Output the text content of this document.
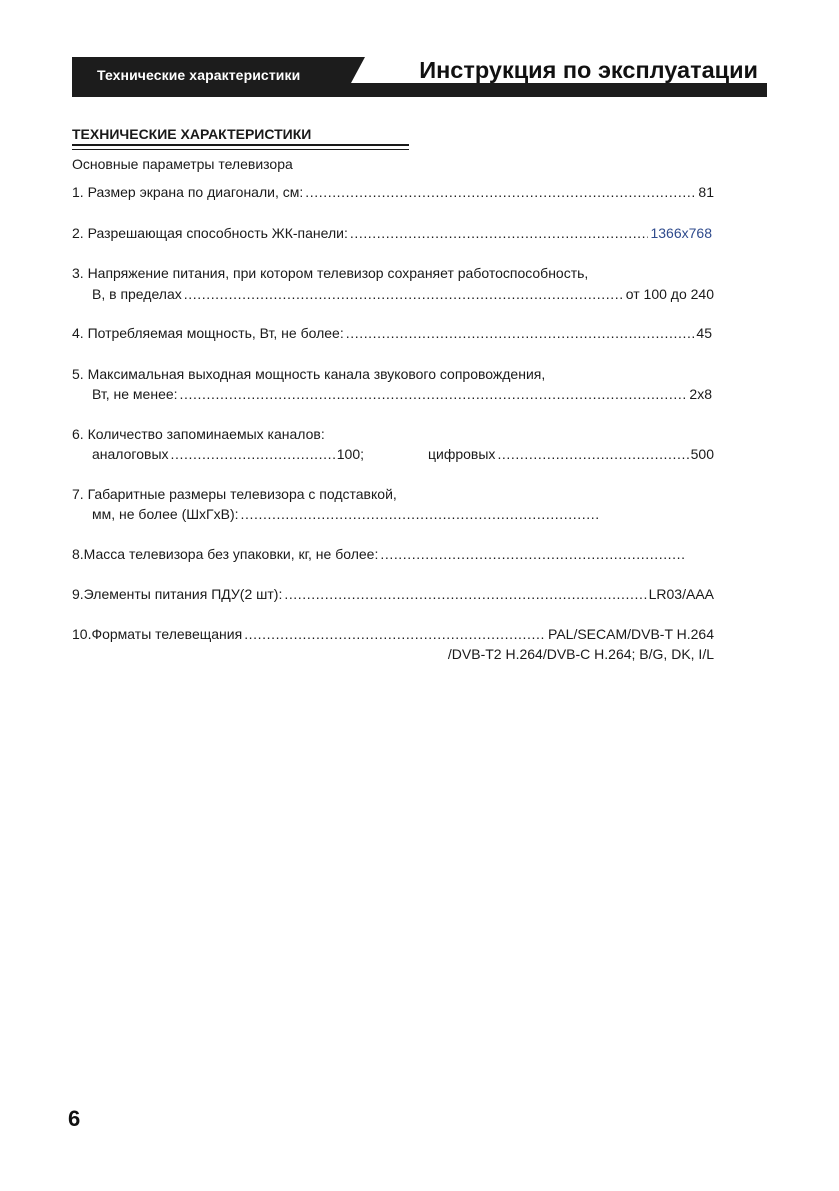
Технические характеристики	Инструкция по эксплуатации
ТЕХНИЧЕСКИЕ ХАРАКТЕРИСТИКИ
Основные параметры телевизора
1. Размер экрана по диагонали, см: .....	81
2. Разрешающая способность ЖК-панели: .....	1366х768
3. Напряжение питания, при котором телевизор сохраняет работоспособность,
В, в пределах .....	от 100 до 240
4. Потребляемая мощность, Вт, не более: .....	45
5. Максимальная выходная мощность канала звукового сопровождения,
Вт, не менее: .....	2х8
6. Количество запоминаемых каналов:
аналоговых .....	100;	цифровых .....	500
7. Габаритные размеры телевизора с подставкой,
мм, не более (ШхГхВ):
.....
8.Масса телевизора без упаковки, кг, не более:
.....
9.Элементы питания ПДУ(2 шт): .....	LR03/AAA
10.Форматы телевещания .....	PAL/SECAM/DVB-T H.264
/DVB-T2 H.264/DVB-C H.264; B/G, DK, I/L
6
